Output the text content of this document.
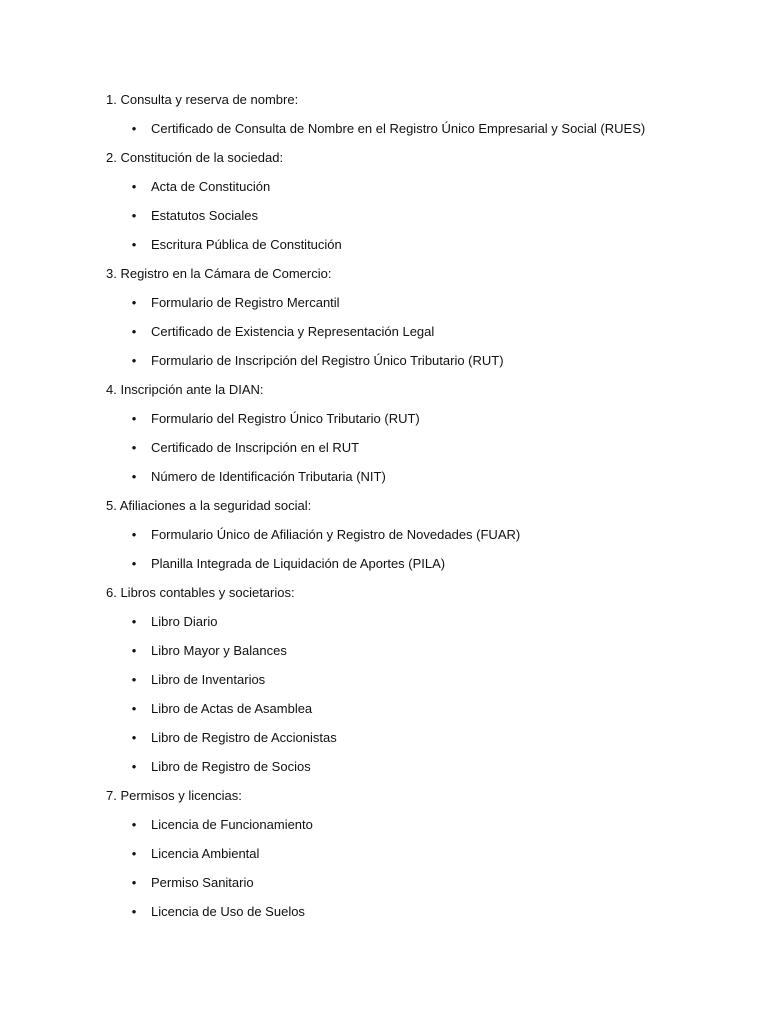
1. Consulta y reserva de nombre:
• Certificado de Consulta de Nombre en el Registro Único Empresarial y Social (RUES)
2. Constitución de la sociedad:
• Acta de Constitución
• Estatutos Sociales
• Escritura Pública de Constitución
3. Registro en la Cámara de Comercio:
• Formulario de Registro Mercantil
• Certificado de Existencia y Representación Legal
• Formulario de Inscripción del Registro Único Tributario (RUT)
4. Inscripción ante la DIAN:
• Formulario del Registro Único Tributario (RUT)
• Certificado de Inscripción en el RUT
• Número de Identificación Tributaria (NIT)
5. Afiliaciones a la seguridad social:
• Formulario Único de Afiliación y Registro de Novedades (FUAR)
• Planilla Integrada de Liquidación de Aportes (PILA)
6. Libros contables y societarios:
• Libro Diario
• Libro Mayor y Balances
• Libro de Inventarios
• Libro de Actas de Asamblea
• Libro de Registro de Accionistas
• Libro de Registro de Socios
7. Permisos y licencias:
• Licencia de Funcionamiento
• Licencia Ambiental
• Permiso Sanitario
• Licencia de Uso de Suelos
